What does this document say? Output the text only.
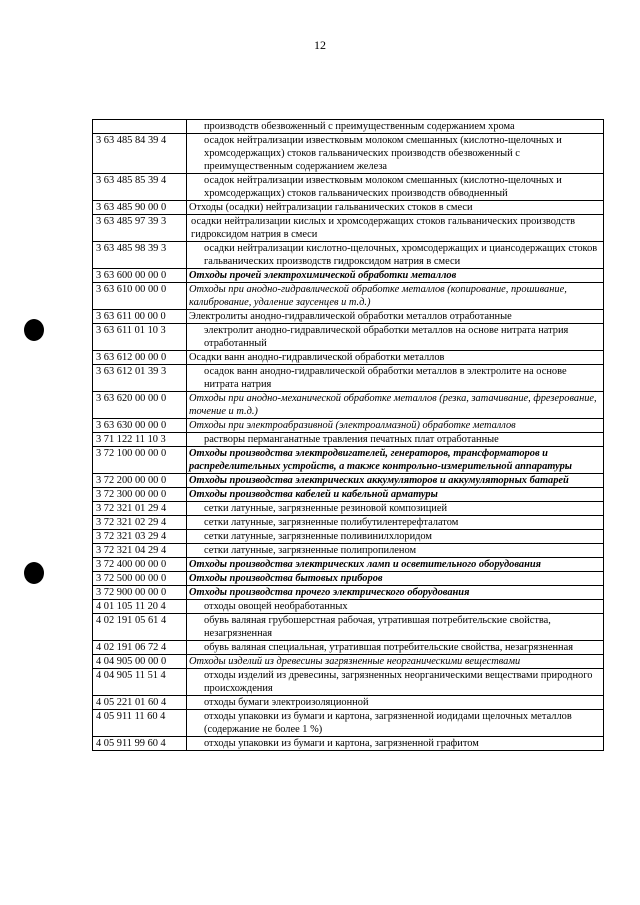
12
	производств обезвоженный с преимущественным содержанием хрома
3 63 485 84 39 4	осадок нейтрализации известковым молоком смешанных (кислотно-щелочных и хромсодержащих) стоков гальванических производств обезвоженный с преимущественным содержанием железа
3 63 485 85 39 4	осадок нейтрализации известковым молоком смешанных (кислотно-щелочных и хромсодержащих) стоков гальванических производств обводненный
3 63 485 90 00 0	Отходы (осадки) нейтрализации гальванических стоков в смеси
3 63 485 97 39 3	осадки нейтрализации кислых и хромсодержащих стоков гальванических производств гидроксидом натрия в смеси
3 63 485 98 39 3	осадки нейтрализации кислотно-щелочных, хромсодержащих и циансодержащих стоков гальванических производств гидроксидом натрия в смеси
3 63 600 00 00 0	Отходы прочей электрохимической обработки металлов
3 63 610 00 00 0	Отходы при анодно-гидравлической обработке металлов (копирование, прошивание, калибрование, удаление заусенцев и т.д.)
3 63 611 00 00 0	Электролиты анодно-гидравлической обработки металлов отработанные
3 63 611 01 10 3	электролит анодно-гидравлической обработки металлов на основе нитрата натрия отработанный
3 63 612 00 00 0	Осадки ванн анодно-гидравлической обработки металлов
3 63 612 01 39 3	осадок ванн анодно-гидравлической обработки металлов в электролите на основе нитрата натрия
3 63 620 00 00 0	Отходы при анодно-механической обработке металлов (резка, затачивание, фрезерование, точение и т.д.)
3 63 630 00 00 0	Отходы при электроабразивной (электроалмазной) обработке металлов
3 71 122 11 10 3	растворы перманганатные травления печатных плат отработанные
3 72 100 00 00 0	Отходы производства электродвигателей, генераторов, трансформаторов и распределительных устройств, а также контрольно-измерительной аппаратуры
3 72 200 00 00 0	Отходы производства электрических аккумуляторов и аккумуляторных батарей
3 72 300 00 00 0	Отходы производства кабелей и кабельной арматуры
3 72 321 01 29 4	сетки латунные, загрязненные резиновой композицией
3 72 321 02 29 4	сетки латунные, загрязненные полибутилентерефталатом
3 72 321 03 29 4	сетки латунные, загрязненные поливинилхлоридом
3 72 321 04 29 4	сетки латунные, загрязненные полипропиленом
3 72 400 00 00 0	Отходы производства электрических ламп и осветительного оборудования
3 72 500 00 00 0	Отходы производства бытовых приборов
3 72 900 00 00 0	Отходы производства прочего электрического оборудования
4 01 105 11 20 4	отходы овощей необработанных
4 02 191 05 61 4	обувь валяная грубошерстная рабочая, утратившая потребительские свойства, незагрязненная
4 02 191 06 72 4	обувь валяная специальная, утратившая потребительские свойства, незагрязненная
4 04 905 00 00 0	Отходы изделий из древесины загрязненные неорганическими веществами
4 04 905 11 51 4	отходы изделий из древесины, загрязненных неорганическими веществами природного происхождения
4 05 221 01 60 4	отходы бумаги электроизоляционной
4 05 911 11 60 4	отходы упаковки из бумаги и картона, загрязненной иодидами щелочных металлов (содержание не более 1 %)
4 05 911 99 60 4	отходы упаковки из бумаги и картона, загрязненной графитом
